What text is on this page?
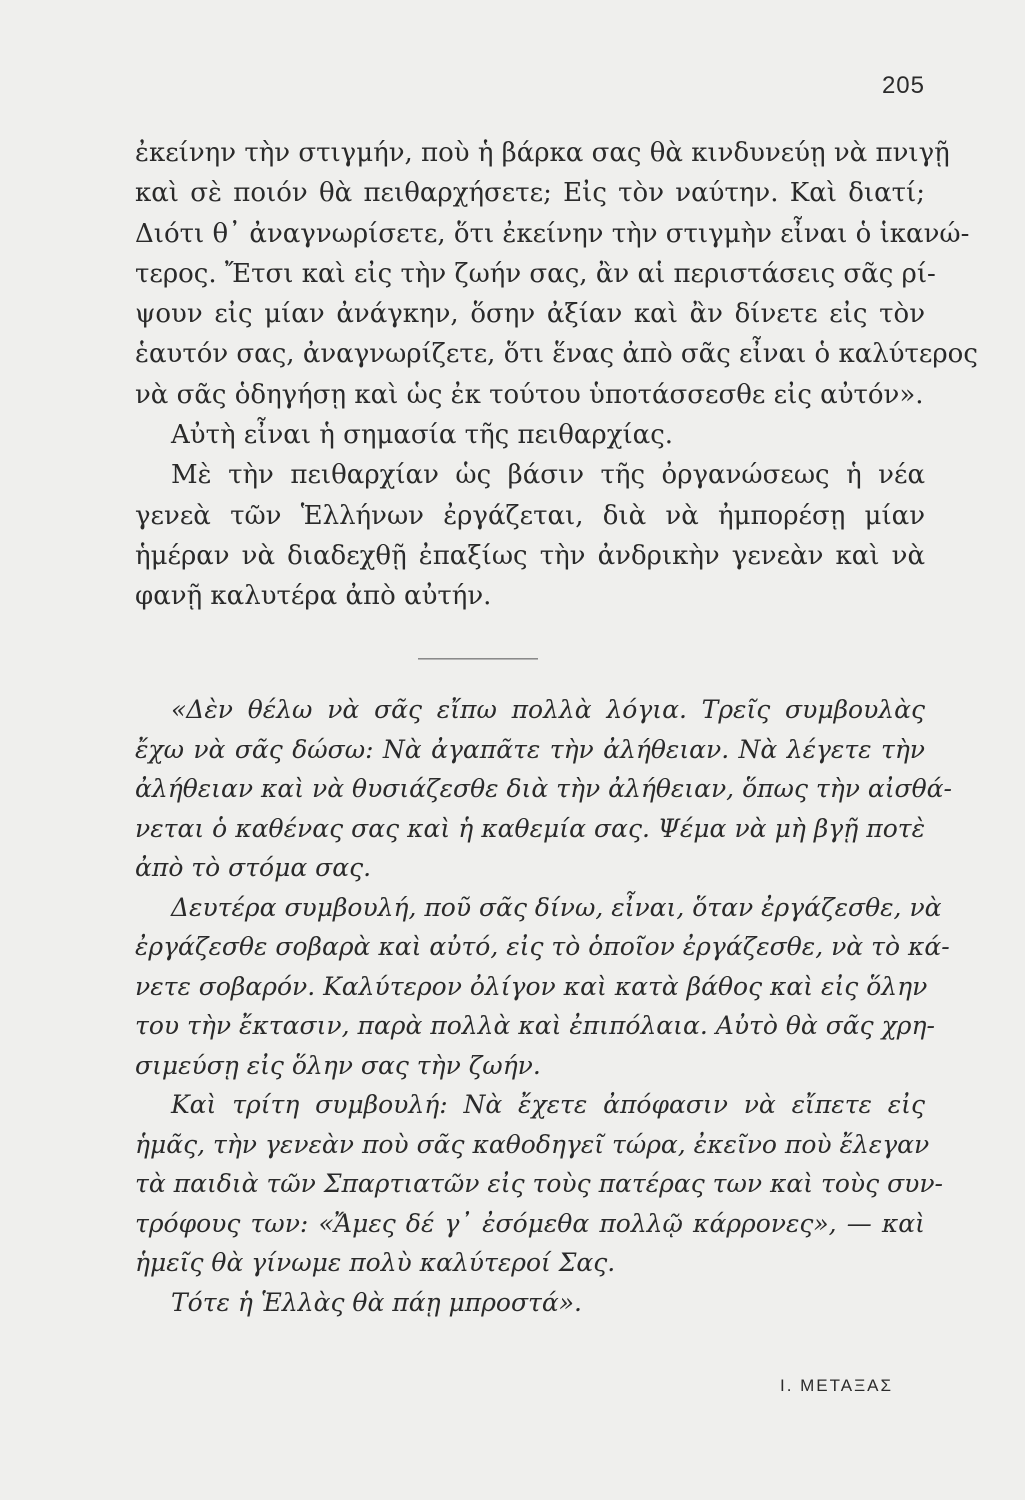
205
ἐκείνην τὴν στιγμήν, ποὺ ἡ βάρκα σας θὰ κινδυνεύῃ νὰ πνιγῇ
καὶ σὲ ποιόν θὰ πειθαρχήσετε; Εἰς τὸν ναύτην. Καὶ διατί;
Διότι θ᾽ ἀναγνωρίσετε, ὅτι ἐκείνην τὴν στιγμὴν εἶναι ὁ ἱκανώ-
τερος. Ἔτσι καὶ εἰς τὴν ζωήν σας, ἂν αἱ περιστάσεις σᾶς ρί-
ψουν εἰς μίαν ἀνάγκην, ὅσην ἀξίαν καὶ ἂν δίνετε εἰς τὸν
ἑαυτόν σας, ἀναγνωρίζετε, ὅτι ἕνας ἀπὸ σᾶς εἶναι ὁ καλύτερος
νὰ σᾶς ὁδηγήσῃ καὶ ὡς ἐκ τούτου ὑποτάσσεσθε εἰς αὐτόν».
Αὐτὴ εἶναι ἡ σημασία τῆς πειθαρχίας.
Μὲ τὴν πειθαρχίαν ὡς βάσιν τῆς ὀργανώσεως ἡ νέα
γενεὰ τῶν Ἑλλήνων ἐργάζεται, διὰ νὰ ἠμπορέσῃ μίαν
ἡμέραν νὰ διαδεχθῇ ἐπαξίως τὴν ἀνδρικὴν γενεὰν καὶ νὰ
φανῇ καλυτέρα ἀπὸ αὐτήν.
«Δὲν θέλω νὰ σᾶς εἴπω πολλὰ λόγια. Τρεῖς συμβουλὰς
ἔχω νὰ σᾶς δώσω: Νὰ ἀγαπᾶτε τὴν ἀλήθειαν. Νὰ λέγετε τὴν
ἀλήθειαν καὶ νὰ θυσιάζεσθε διὰ τὴν ἀλήθειαν, ὅπως τὴν αἰσθά-
νεται ὁ καθένας σας καὶ ἡ καθεμία σας. Ψέμα νὰ μὴ βγῇ ποτὲ
ἀπὸ τὸ στόμα σας.
Δευτέρα συμβουλή, ποῦ σᾶς δίνω, εἶναι, ὅταν ἐργάζεσθε, νὰ
ἐργάζεσθε σοβαρὰ καὶ αὐτό, εἰς τὸ ὁποῖον ἐργάζεσθε, νὰ τὸ κά-
νετε σοβαρόν. Καλύτερον ὀλίγον καὶ κατὰ βάθος καὶ εἰς ὅλην
του τὴν ἔκτασιν, παρὰ πολλὰ καὶ ἐπιπόλαια. Αὐτὸ θὰ σᾶς χρη-
σιμεύσῃ εἰς ὅλην σας τὴν ζωήν.
Καὶ τρίτη συμβουλή: Νὰ ἔχετε ἀπόφασιν νὰ εἴπετε εἰς
ἡμᾶς, τὴν γενεὰν ποὺ σᾶς καθοδηγεῖ τώρα, ἐκεῖνο ποὺ ἔλεγαν
τὰ παιδιὰ τῶν Σπαρτιατῶν εἰς τοὺς πατέρας των καὶ τοὺς συν-
τρόφους των: «Ἄμες δέ γ᾽ ἐσόμεθα πολλῷ κάρρονες», — καὶ
ἡμεῖς θὰ γίνωμε πολὺ καλύτεροί Σας.
Τότε ἡ Ἑλλὰς θὰ πάῃ μπροστά».
Ι. ΜΕΤΑΞΑΣ
